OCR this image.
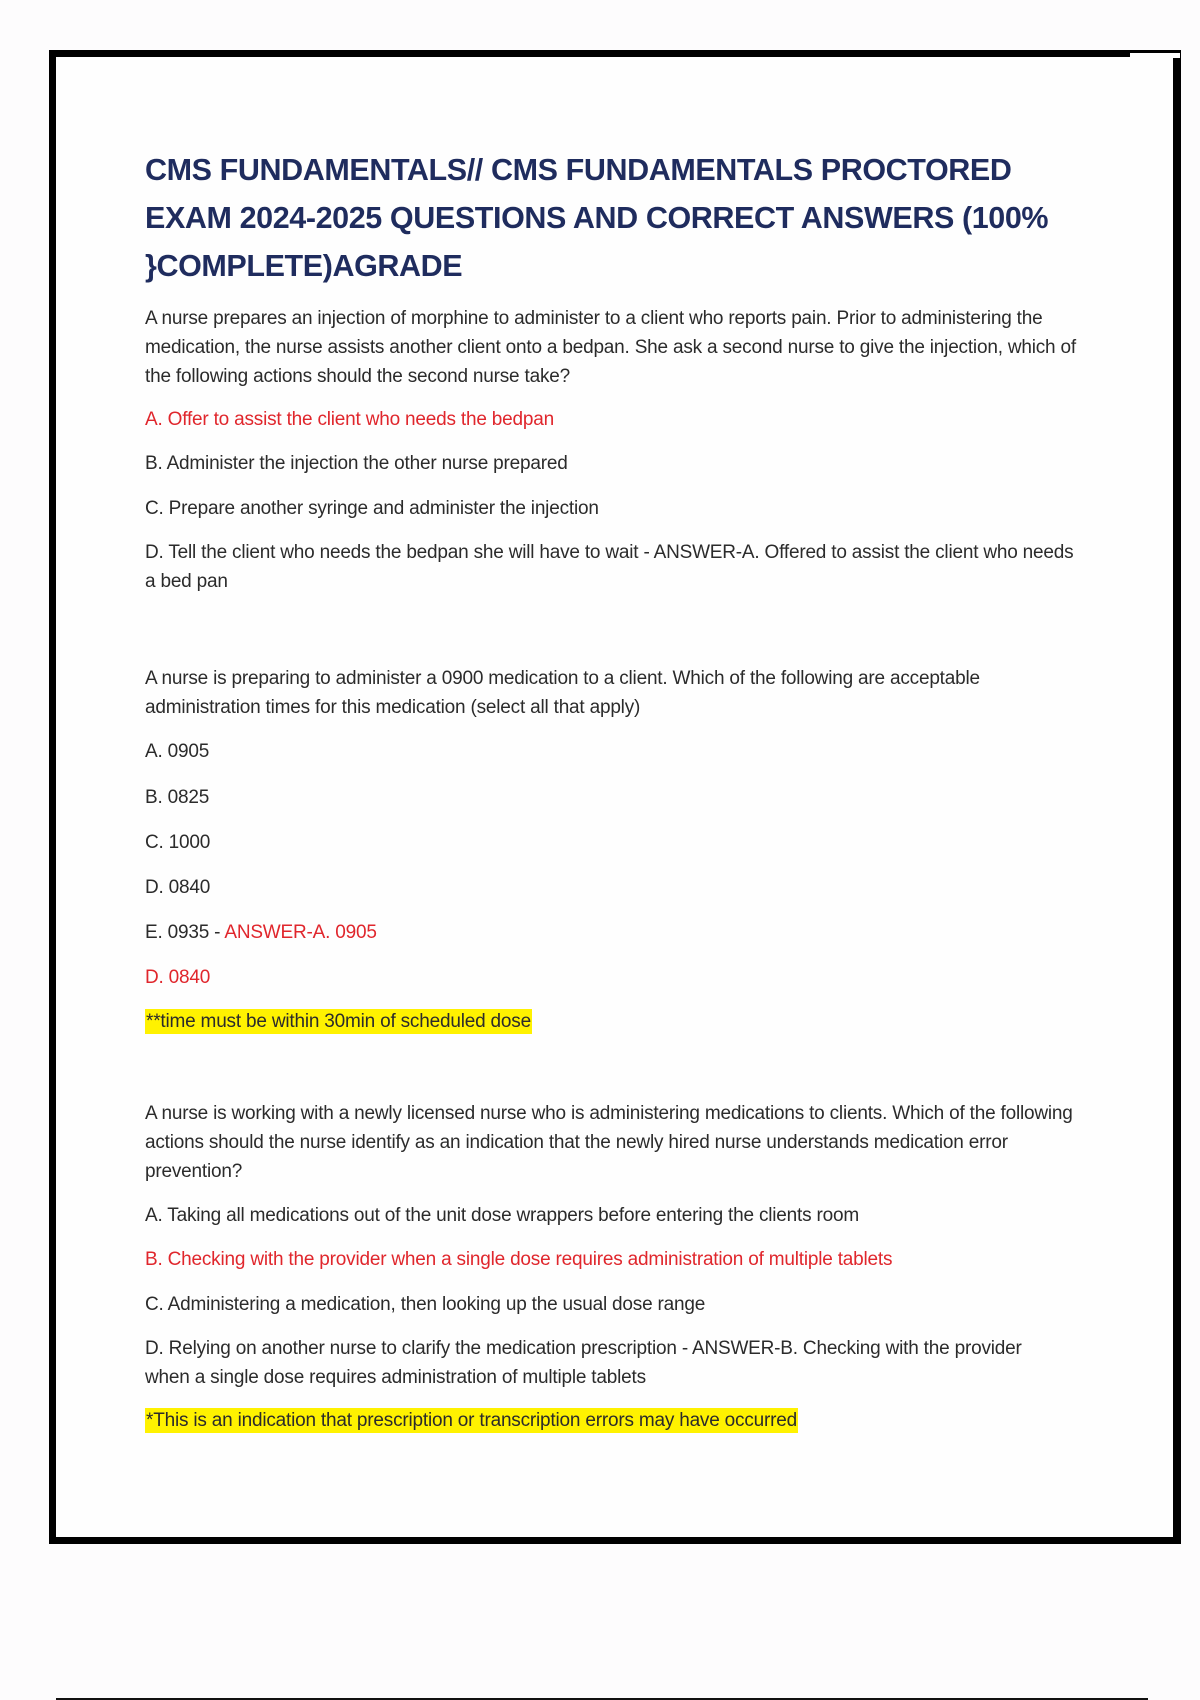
CMS FUNDAMENTALS// CMS FUNDAMENTALS PROCTORED EXAM 2024-2025 QUESTIONS AND CORRECT ANSWERS (100% }COMPLETE)AGRADE

A nurse prepares an injection of morphine to administer to a client who reports pain. Prior to administering the medication, the nurse assists another client onto a bedpan. She ask a second nurse to give the injection, which of the following actions should the second nurse take?

A. Offer to assist the client who needs the bedpan

B. Administer the injection the other nurse prepared

C. Prepare another syringe and administer the injection

D. Tell the client who needs the bedpan she will have to wait - ANSWER-A. Offered to assist the client who needs a bed pan

A nurse is preparing to administer a 0900 medication to a client. Which of the following are acceptable administration times for this medication (select all that apply)

A. 0905

B. 0825

C. 1000

D. 0840

E. 0935 - ANSWER-A. 0905

D. 0840

**time must be within 30min of scheduled dose

A nurse is working with a newly licensed nurse who is administering medications to clients. Which of the following actions should the nurse identify as an indication that the newly hired nurse understands medication error prevention?

A. Taking all medications out of the unit dose wrappers before entering the clients room

B. Checking with the provider when a single dose requires administration of multiple tablets

C. Administering a medication, then looking up the usual dose range

D. Relying on another nurse to clarify the medication prescription - ANSWER-B. Checking with the provider when a single dose requires administration of multiple tablets

*This is an indication that prescription or transcription errors may have occurred
